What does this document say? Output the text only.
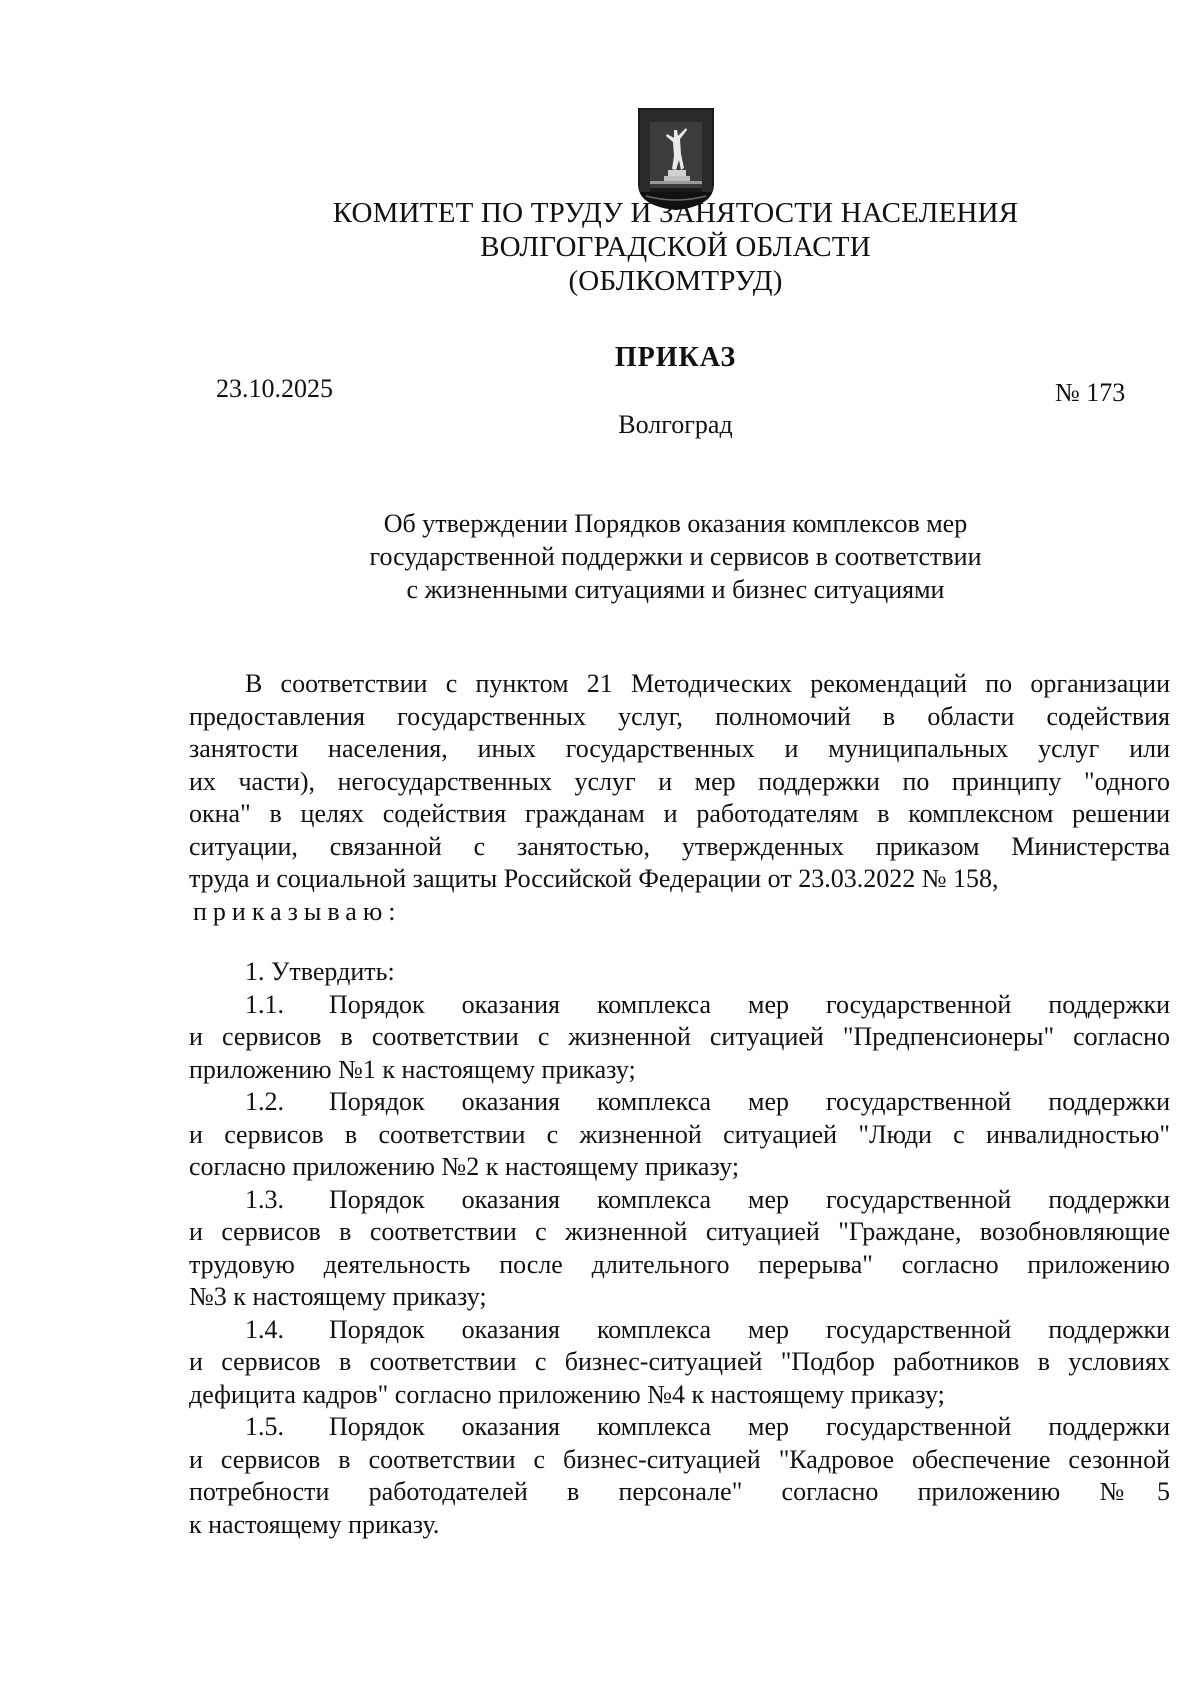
КОМИТЕТ ПО ТРУДУ И ЗАНЯТОСТИ НАСЕЛЕНИЯ
ВОЛГОГРАДСКОЙ ОБЛАСТИ
(ОБЛКОМТРУД)
ПРИКАЗ
23.10.2025	№ 173
Волгоград
Об утверждении Порядков оказания комплексов мер
государственной поддержки и сервисов в соответствии
с жизненными ситуациями и бизнес ситуациями
В соответствии с пунктом 21 Методических рекомендаций по организации
предоставления государственных услуг, полномочий в области содействия
занятости населения, иных государственных и муниципальных услуг или
их части), негосударственных услуг и мер поддержки по принципу "одного
окна" в целях содействия гражданам и работодателям в комплексном решении
ситуации, связанной с занятостью, утвержденных приказом Министерства
труда и социальной защиты Российской Федерации от 23.03.2022 № 158,
приказываю:
1. Утвердить:
1.1. Порядок оказания комплекса мер государственной поддержки
и сервисов в соответствии с жизненной ситуацией "Предпенсионеры" согласно
приложению №1 к настоящему приказу;
1.2. Порядок оказания комплекса мер государственной поддержки
и сервисов в соответствии с жизненной ситуацией "Люди с инвалидностью"
согласно приложению №2 к настоящему приказу;
1.3. Порядок оказания комплекса мер государственной поддержки
и сервисов в соответствии с жизненной ситуацией "Граждане, возобновляющие
трудовую деятельность после длительного перерыва" согласно приложению
№3 к настоящему приказу;
1.4. Порядок оказания комплекса мер государственной поддержки
и сервисов в соответствии с бизнес-ситуацией "Подбор работников в условиях
дефицита кадров" согласно приложению №4 к настоящему приказу;
1.5. Порядок оказания комплекса мер государственной поддержки
и сервисов в соответствии с бизнес-ситуацией "Кадровое обеспечение сезонной
потребности работодателей в персонале" согласно приложению №5
к настоящему приказу.
